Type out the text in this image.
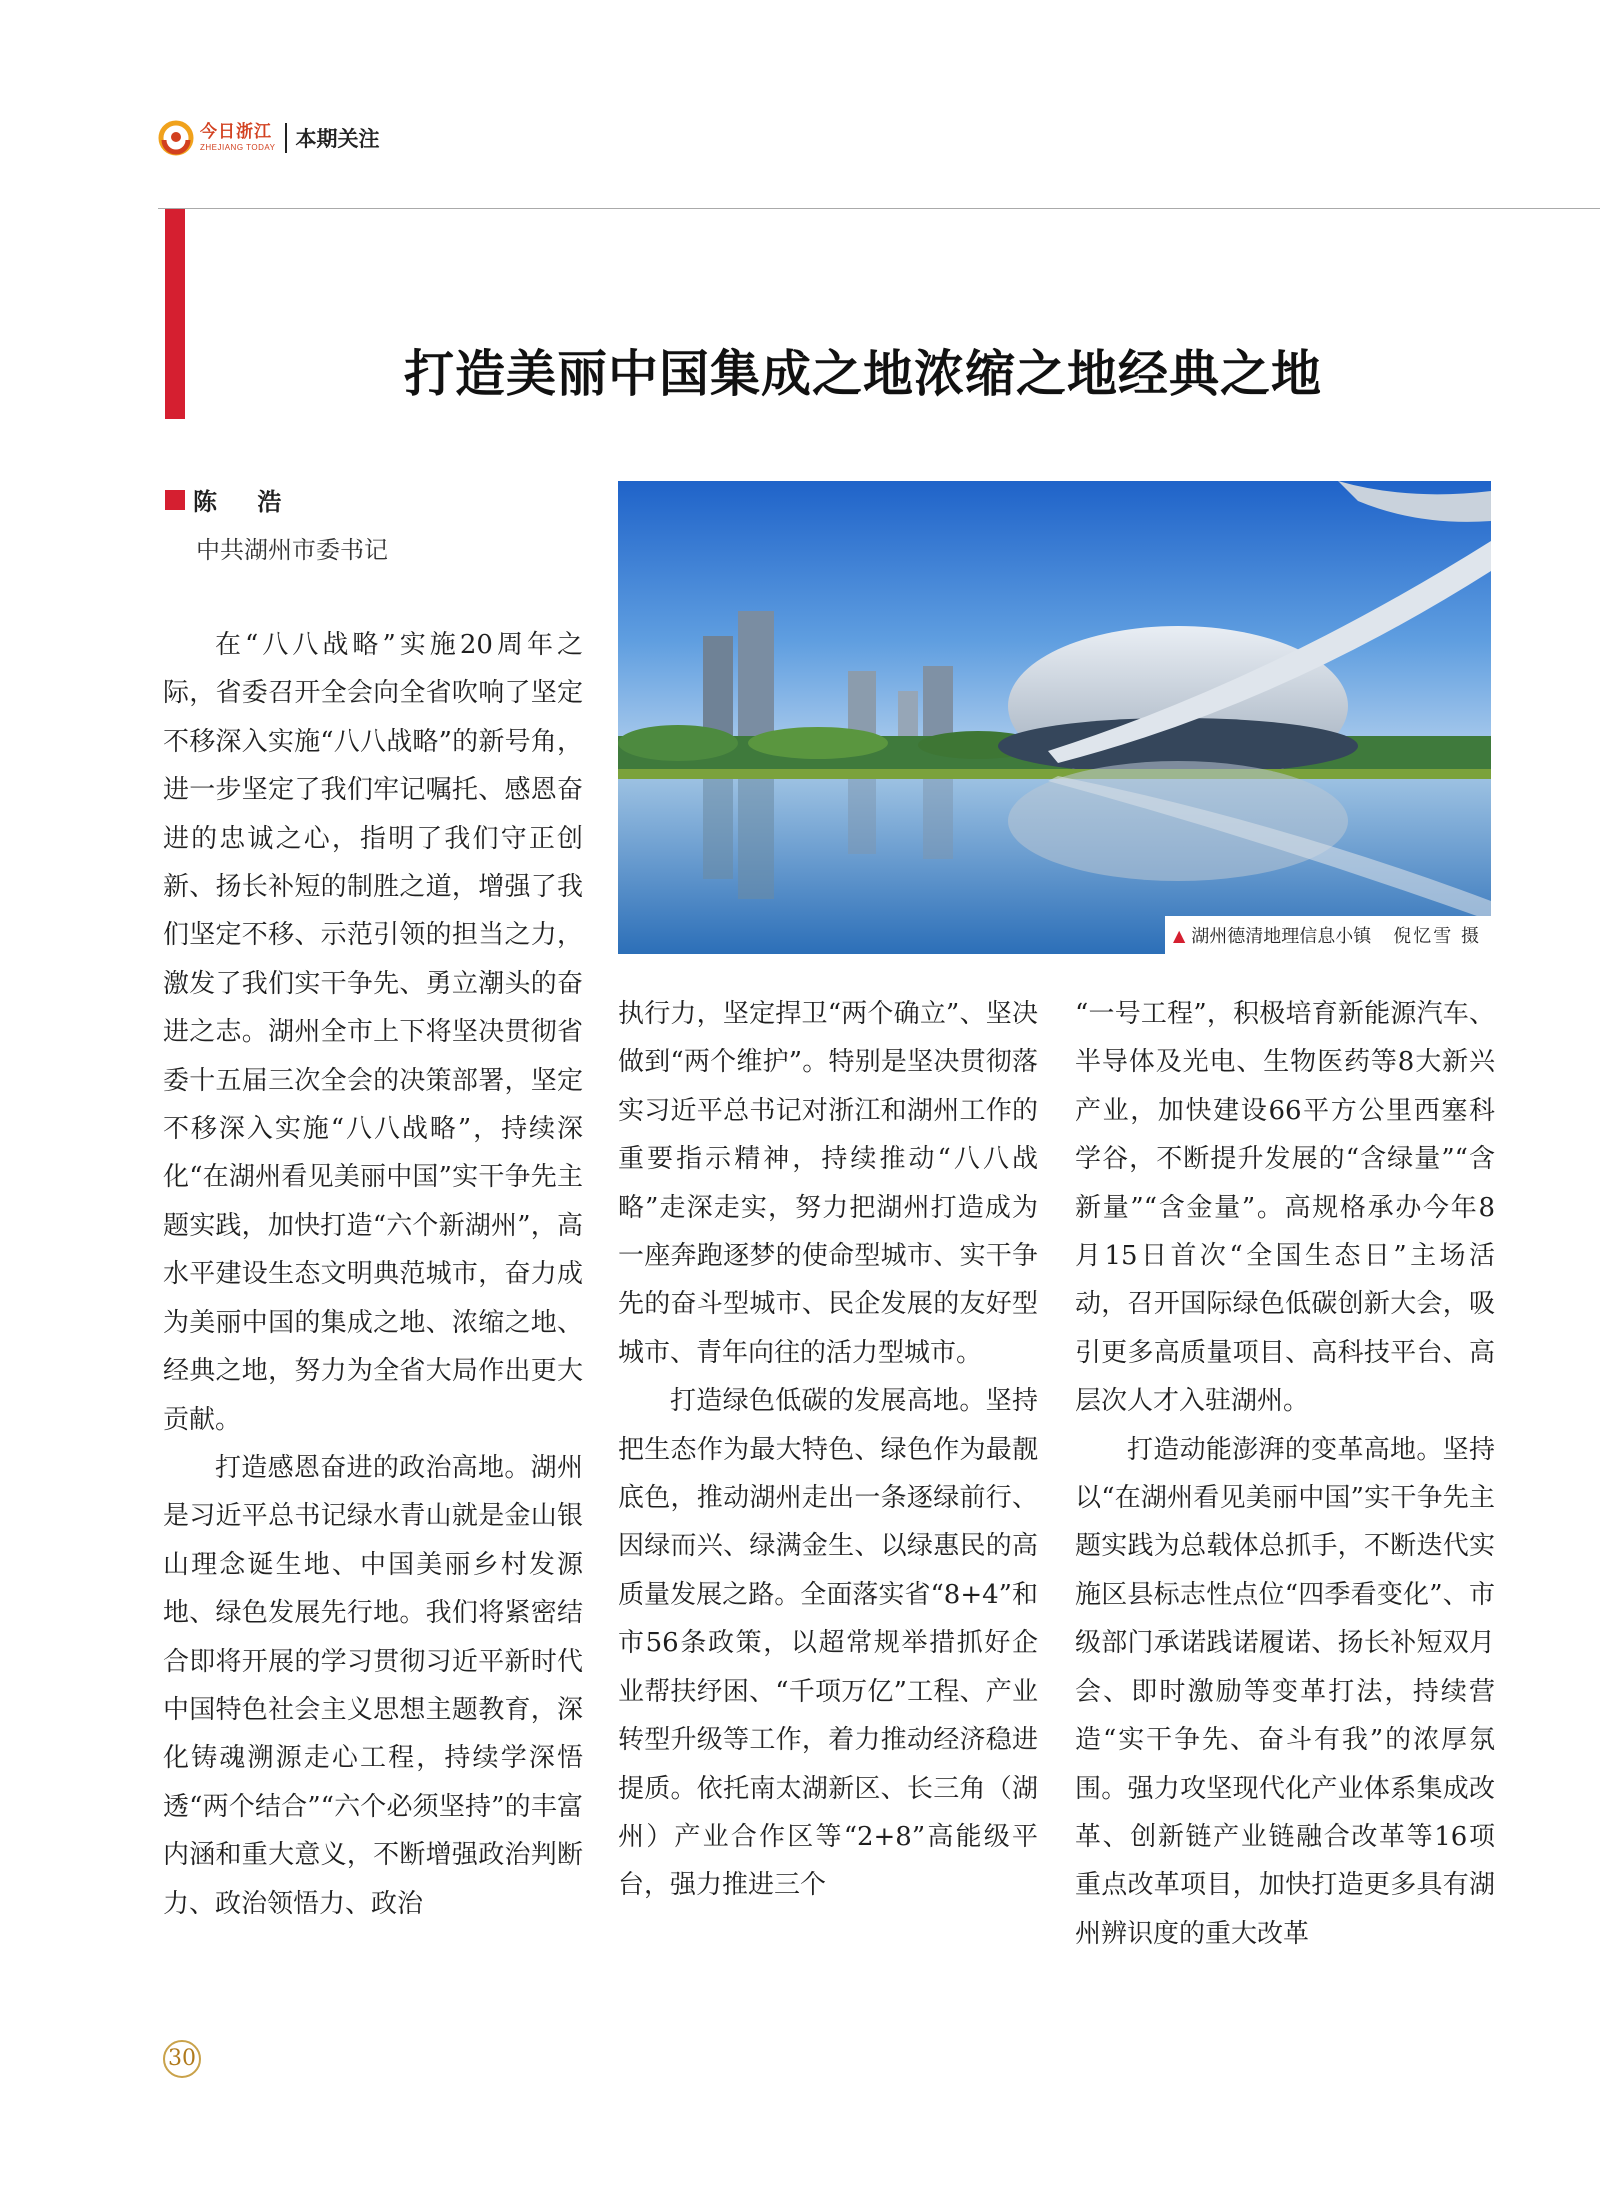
今日浙江
ZHEJIANG TODAY 本期关注
打造美丽中国集成之地浓缩之地经典之地
陈 浩
中共湖州市委书记

在“八八战略”实施20周年之际，省委召开全会向全省吹响了坚定不移深入实施“八八战略”的新号角，进一步坚定了我们牢记嘱托、感恩奋进的忠诚之心，指明了我们守正创新、扬长补短的制胜之道，增强了我们坚定不移、示范引领的担当之力，激发了我们实干争先、勇立潮头的奋进之志。湖州全市上下将坚决贯彻省委十五届三次全会的决策部署，坚定不移深入实施“八八战略”，持续深化“在湖州看见美丽中国”实干争先主题实践，加快打造“六个新湖州”，高水平建设生态文明典范城市，奋力成为美丽中国的集成之地、浓缩之地、经典之地，努力为全省大局作出更大贡献。

打造感恩奋进的政治高地。湖州是习近平总书记绿水青山就是金山银山理念诞生地、中国美丽乡村发源地、绿色发展先行地。我们将紧密结合即将开展的学习贯彻习近平新时代中国特色社会主义思想主题教育，深化铸魂溯源走心工程，持续学深悟透“两个结合”“六个必须坚持”的丰富内涵和重大意义，不断增强政治判断力、政治领悟力、政治

▲ 湖州德清地理信息小镇 倪忆雪 摄

执行力，坚定捍卫“两个确立”、坚决做到“两个维护”。特别是坚决贯彻落实习近平总书记对浙江和湖州工作的重要指示精神，持续推动“八八战略”走深走实，努力把湖州打造成为一座奔跑逐梦的使命型城市、实干争先的奋斗型城市、民企发展的友好型城市、青年向往的活力型城市。

打造绿色低碳的发展高地。坚持把生态作为最大特色、绿色作为最靓底色，推动湖州走出一条逐绿前行、因绿而兴、绿满金生、以绿惠民的高质量发展之路。全面落实省“8+4”和市56条政策，以超常规举措抓好企业帮扶纾困、“千项万亿”工程、产业转型升级等工作，着力推动经济稳进提质。依托南太湖新区、长三角（湖州）产业合作区等“2+8”高能级平台，强力推进三个

“一号工程”，积极培育新能源汽车、半导体及光电、生物医药等8大新兴产业，加快建设66平方公里西塞科学谷，不断提升发展的“含绿量”“含新量”“含金量”。高规格承办今年8月15日首次“全国生态日”主场活动，召开国际绿色低碳创新大会，吸引更多高质量项目、高科技平台、高层次人才入驻湖州。

打造动能澎湃的变革高地。坚持以“在湖州看见美丽中国”实干争先主题实践为总载体总抓手，不断迭代实施区县标志性点位“四季看变化”、市级部门承诺践诺履诺、扬长补短双月会、即时激励等变革打法，持续营造“实干争先、奋斗有我”的浓厚氛围。强力攻坚现代化产业体系集成改革、创新链产业链融合改革等16项重点改革项目，加快打造更多具有湖州辨识度的重大改革

30
